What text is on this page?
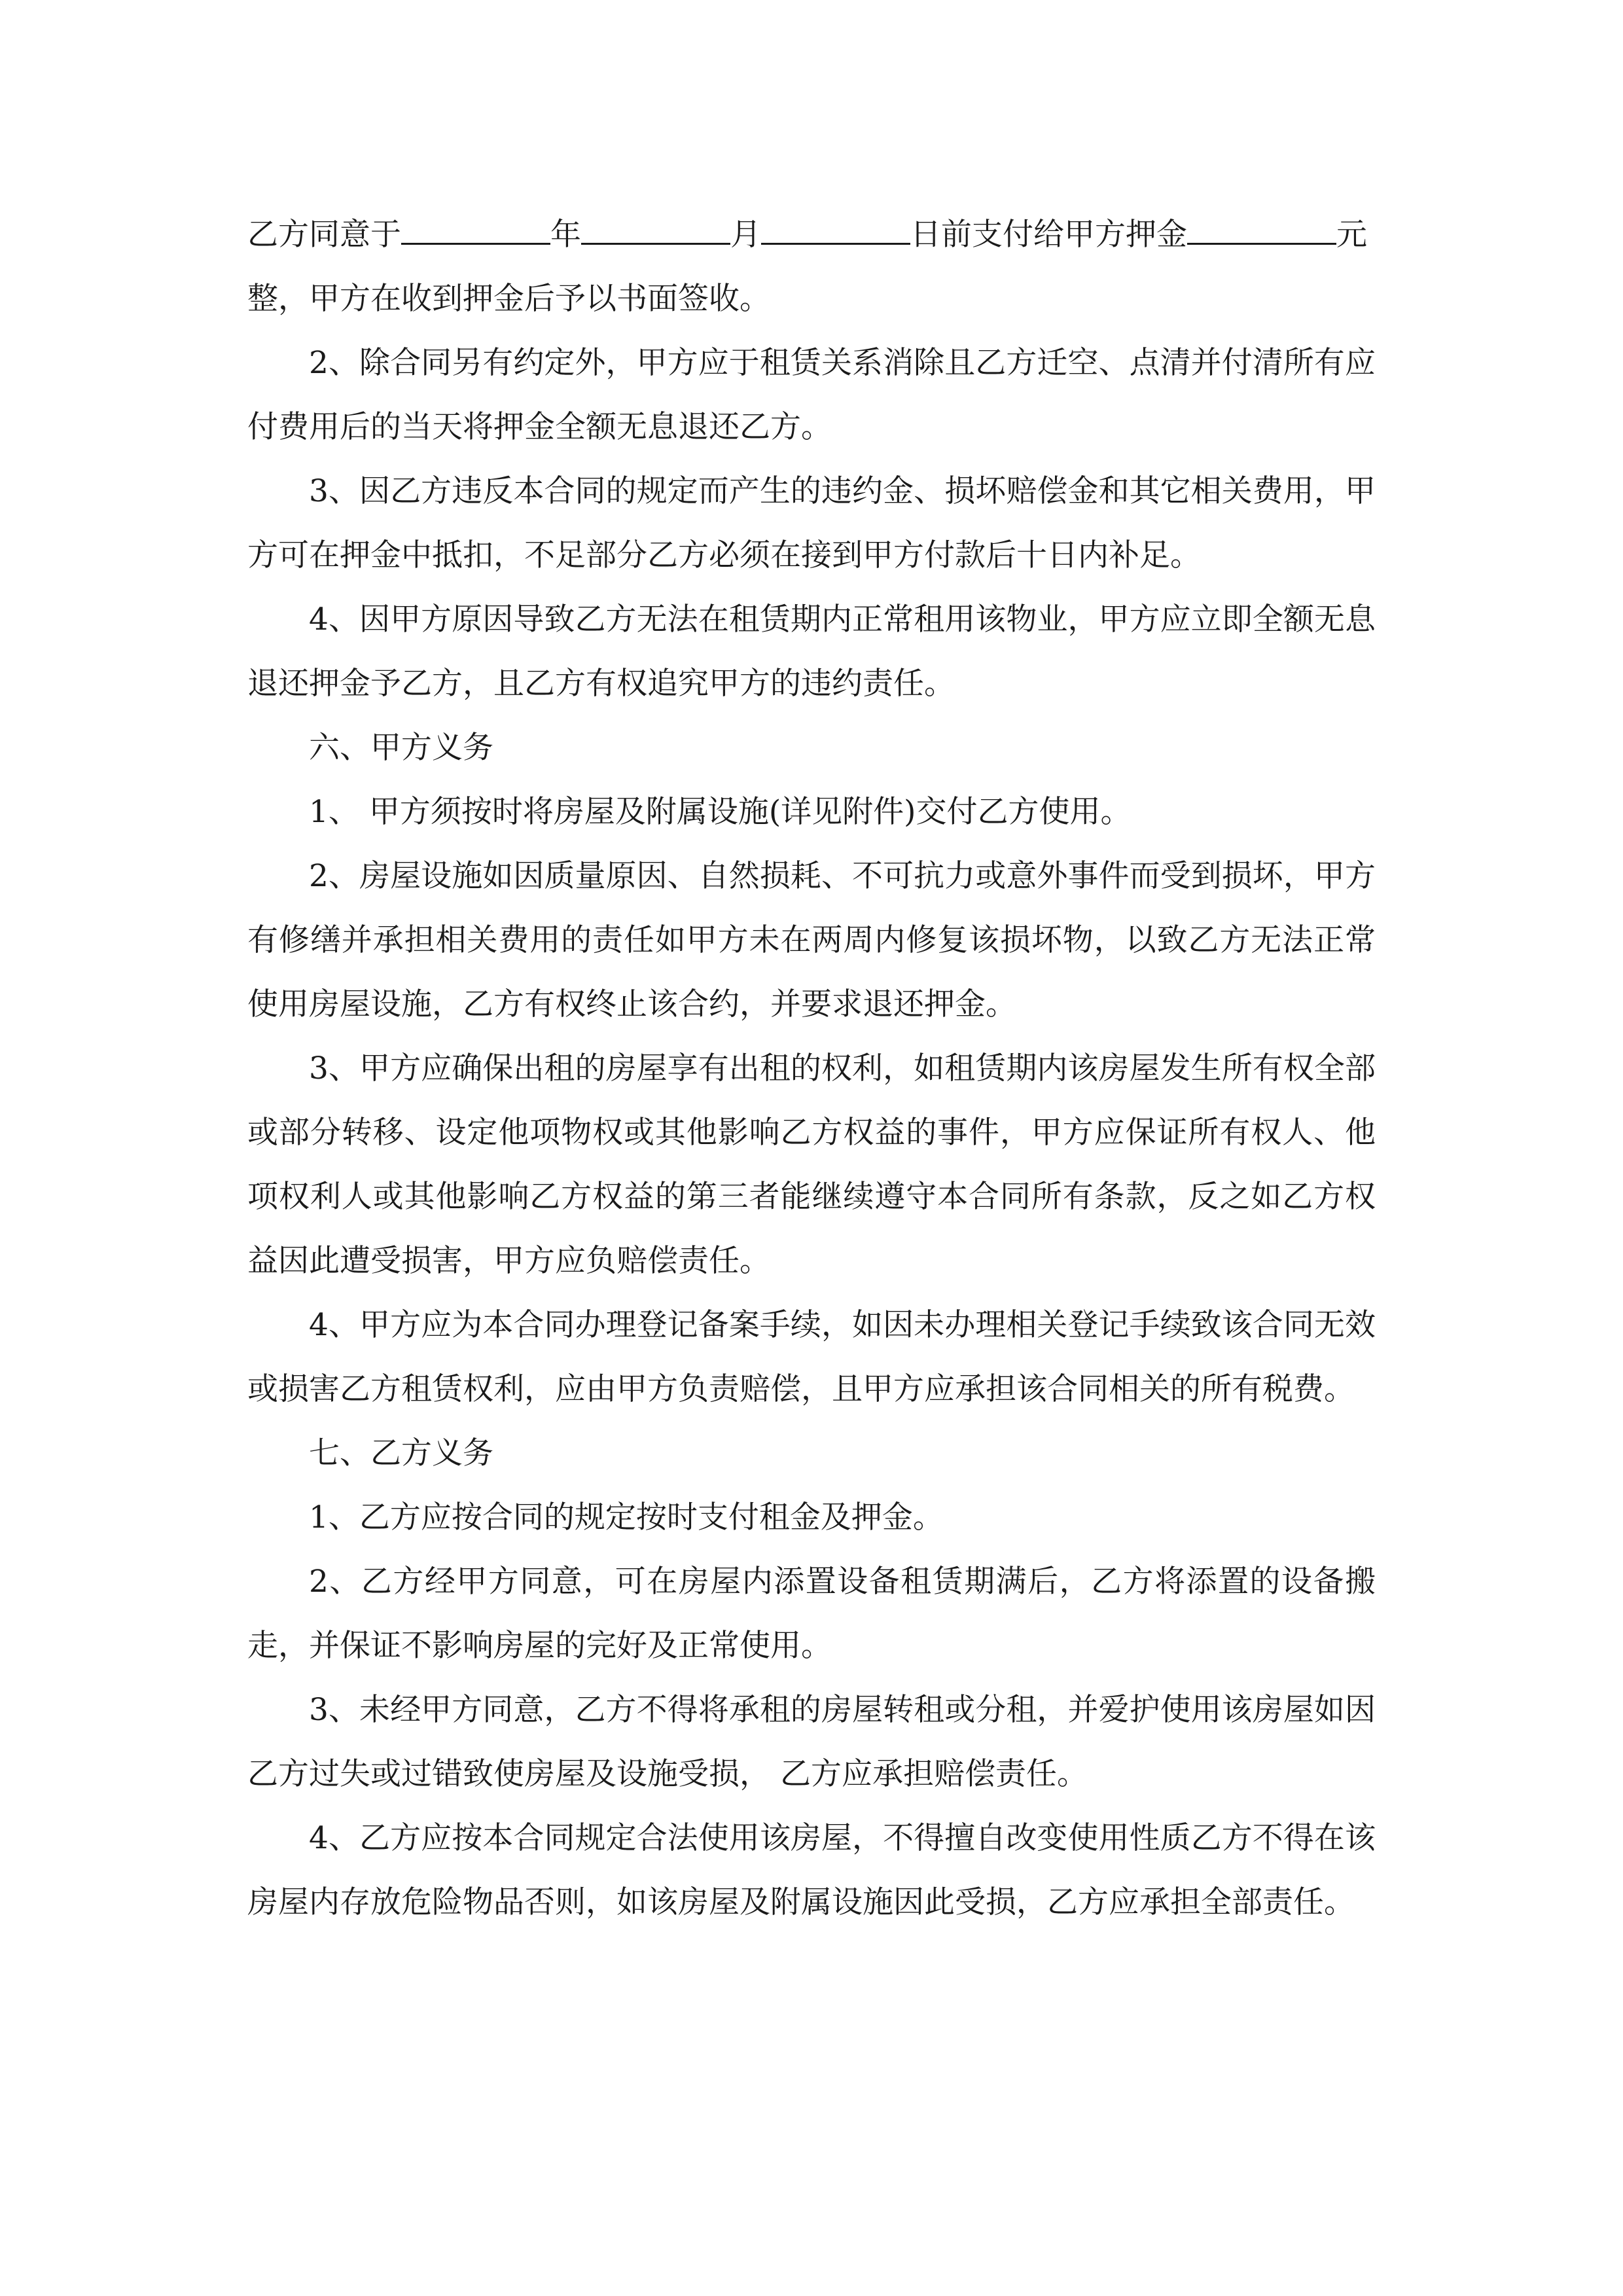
乙方同意于	年	月	日前支付给甲方押金	元
整，甲方在收到押金后予以书面签收。

2、除合同另有约定外，甲方应于租赁关系消除且乙方迁空、点清并付清所有应付费用后的当天将押金全额无息退还乙方。

3、因乙方违反本合同的规定而产生的违约金、损坏赔偿金和其它相关费用，甲方可在押金中抵扣，不足部分乙方必须在接到甲方付款后十日内补足。

4、因甲方原因导致乙方无法在租赁期内正常租用该物业，甲方应立即全额无息退还押金予乙方，且乙方有权追究甲方的违约责任。

六、甲方义务

1、 甲方须按时将房屋及附属设施(详见附件)交付乙方使用。

2、房屋设施如因质量原因、自然损耗、不可抗力或意外事件而受到损坏，甲方有修缮并承担相关费用的责任如甲方未在两周内修复该损坏物，以致乙方无法正常使用房屋设施，乙方有权终止该合约，并要求退还押金。

3、甲方应确保出租的房屋享有出租的权利，如租赁期内该房屋发生所有权全部或部分转移、设定他项物权或其他影响乙方权益的事件，甲方应保证所有权人、他项权利人或其他影响乙方权益的第三者能继续遵守本合同所有条款，反之如乙方权益因此遭受损害，甲方应负赔偿责任。

4、甲方应为本合同办理登记备案手续，如因未办理相关登记手续致该合同无效或损害乙方租赁权利，应由甲方负责赔偿，且甲方应承担该合同相关的所有税费。

七、乙方义务

1、乙方应按合同的规定按时支付租金及押金。

2、乙方经甲方同意，可在房屋内添置设备租赁期满后，乙方将添置的设备搬走，并保证不影响房屋的完好及正常使用。

3、未经甲方同意，乙方不得将承租的房屋转租或分租，并爱护使用该房屋如因乙方过失或过错致使房屋及设施受损， 乙方应承担赔偿责任。

4、乙方应按本合同规定合法使用该房屋，不得擅自改变使用性质乙方不得在该房屋内存放危险物品否则，如该房屋及附属设施因此受损，乙方应承担全部责任。
